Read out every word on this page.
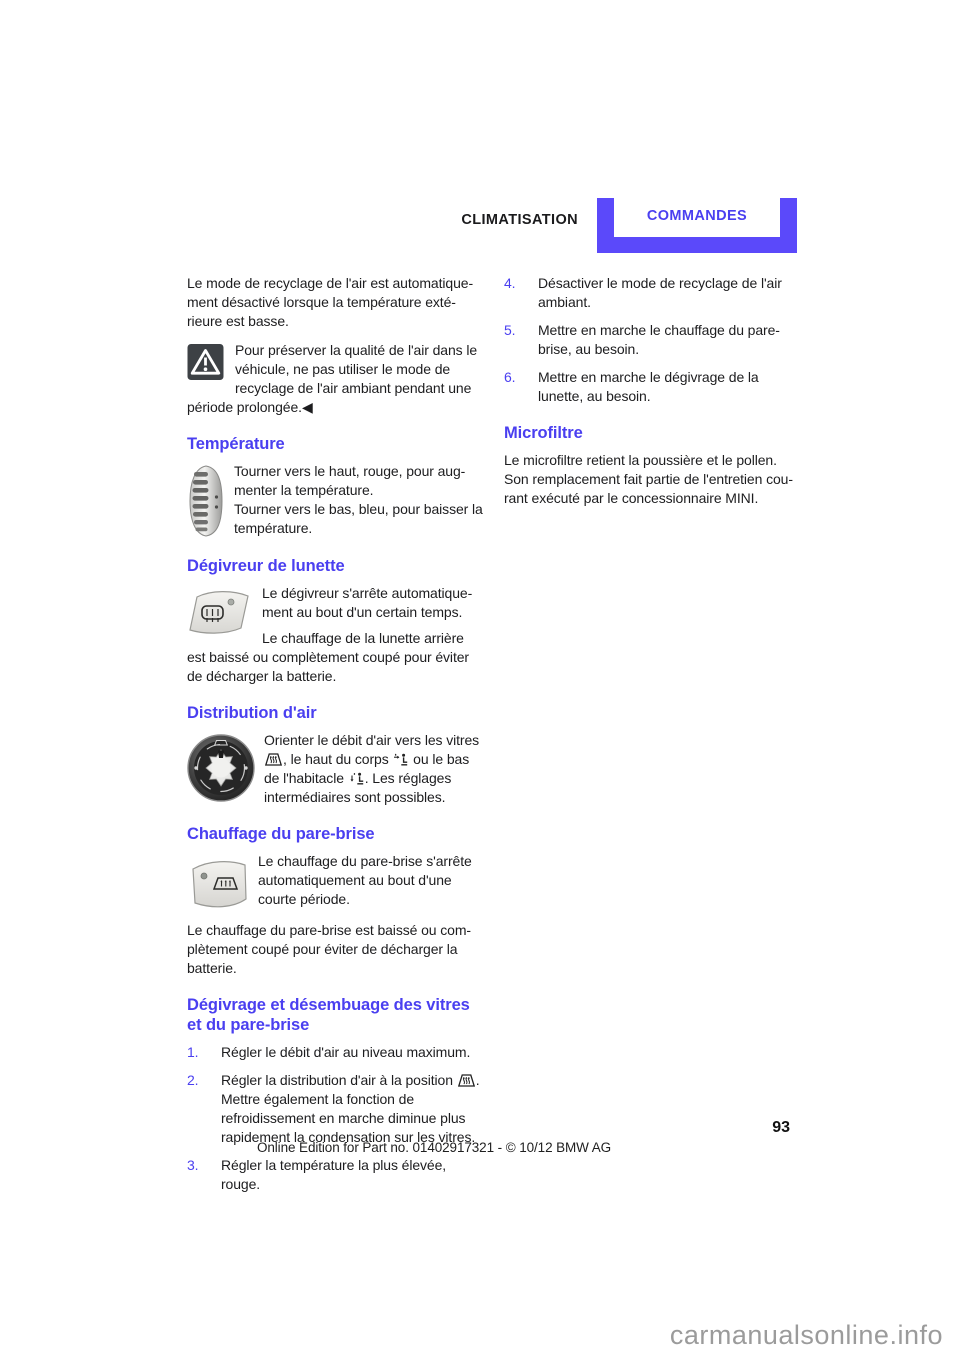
CLIMATISATION	COMMANDES

Le mode de recyclage de l'air est automatiquement désactivé lorsque la température extérieure est basse.

Pour préserver la qualité de l'air dans le véhicule, ne pas utiliser le mode de recyclage de l'air ambiant pendant une période prolongée.◀
Température

Tourner vers le haut, rouge, pour augmenter la température.

Tourner vers le bas, bleu, pour baisser la température.

Dégivreur de lunette

Le dégivreur s'arrête automatiquement au bout d'un certain temps.

Le chauffage de la lunette arrière est baissé ou complètement coupé pour éviter de décharger la batterie.

Distribution d'air

Orienter le débit d'air vers les vitres , le haut du corps  ou le bas de l'habitacle . Les réglages intermédiaires sont possibles.

Chauffage du pare-brise

Le chauffage du pare-brise s'arrête automatiquement au bout d'une courte période.

Le chauffage du pare-brise est baissé ou complètement coupé pour éviter de décharger la batterie.

Dégivrage et désembuage des vitres et du pare-brise
1.	Régler le débit d'air au niveau maximum.
2.	Régler la distribution d'air à la position . Mettre également la fonction de refroidissement en marche diminue plus rapidement la condensation sur les vitres.
3.	Régler la température la plus élevée, rouge.
4.	Désactiver le mode de recyclage de l'air ambiant.
5.	Mettre en marche le chauffage du pare-brise, au besoin.
6.	Mettre en marche le dégivrage de la lunette, au besoin.
Microfiltre

Le microfiltre retient la poussière et le pollen. Son remplacement fait partie de l'entretien courant exécuté par le concessionnaire MINI.

93
Online Edition for Part no. 01402917321 - © 10/12 BMW AG
carmanualsonline.info
